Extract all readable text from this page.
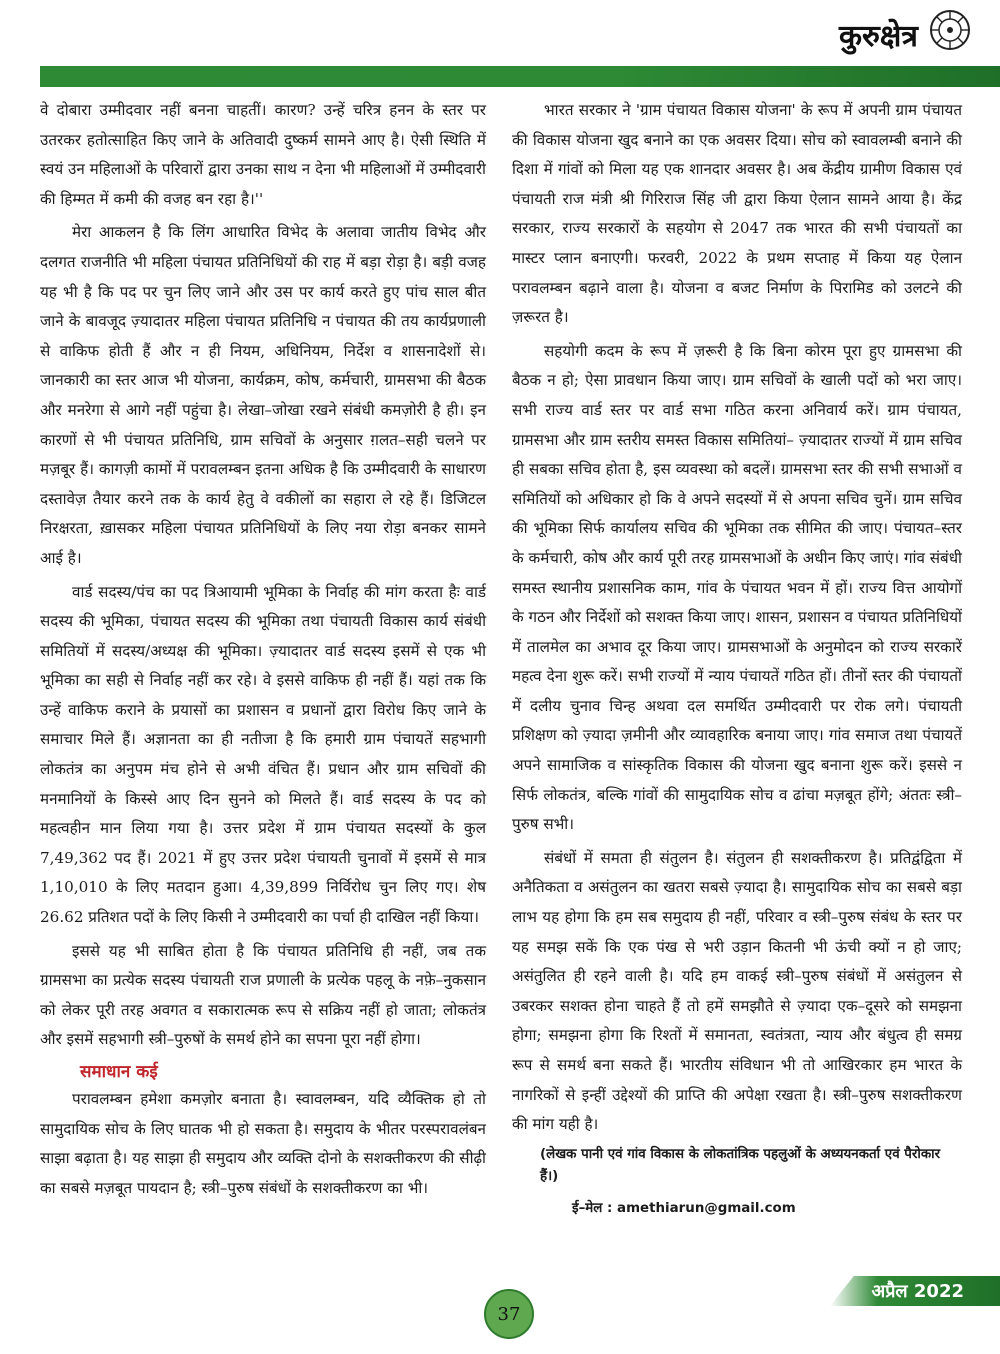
कुरुक्षेत्र

वे दोबारा उम्मीदवार नहीं बनना चाहतीं। कारण? उन्हें चरित्र हनन के स्तर पर उतरकर हतोत्साहित किए जाने के अतिवादी दुष्कर्म सामने आए है। ऐसी स्थिति में स्वयं उन महिलाओं के परिवारों द्वारा उनका साथ न देना भी महिलाओं में उम्मीदवारी की हिम्मत में कमी की वजह बन रहा है।''

मेरा आकलन है कि लिंग आधारित विभेद के अलावा जातीय विभेद और दलगत राजनीति भी महिला पंचायत प्रतिनिधियों की राह में बड़ा रोड़ा है। बड़ी वजह यह भी है कि पद पर चुन लिए जाने और उस पर कार्य करते हुए पांच साल बीत जाने के बावजूद ज़्यादातर महिला पंचायत प्रतिनिधि न पंचायत की तय कार्यप्रणाली से वाकिफ होती हैं और न ही नियम, अधिनियम, निर्देश व शासनादेशों से। जानकारी का स्तर आज भी योजना, कार्यक्रम, कोष, कर्मचारी, ग्रामसभा की बैठक और मनरेगा से आगे नहीं पहुंचा है। लेखा–जोखा रखने संबंधी कमज़ोरी है ही। इन कारणों से भी पंचायत प्रतिनिधि, ग्राम सचिवों के अनुसार ग़लत–सही चलने पर मज़बूर हैं। कागज़ी कामों में परावलम्बन इतना अधिक है कि उम्मीदवारी के साधारण दस्तावेज़ तैयार करने तक के कार्य हेतु वे वकीलों का सहारा ले रहे हैं। डिजिटल निरक्षरता, ख़ासकर महिला पंचायत प्रतिनिधियों के लिए नया रोड़ा बनकर सामने आई है।

वार्ड सदस्य/पंच का पद त्रिआयामी भूमिका के निर्वाह की मांग करता हैः वार्ड सदस्य की भूमिका, पंचायत सदस्य की भूमिका तथा पंचायती विकास कार्य संबंधी समितियों में सदस्य/अध्यक्ष की भूमिका। ज़्यादातर वार्ड सदस्य इसमें से एक भी भूमिका का सही से निर्वाह नहीं कर रहे। वे इससे वाकिफ ही नहीं हैं। यहां तक कि उन्हें वाकिफ कराने के प्रयासों का प्रशासन व प्रधानों द्वारा विरोध किए जाने के समाचार मिले हैं। अज्ञानता का ही नतीजा है कि हमारी ग्राम पंचायतें सहभागी लोकतंत्र का अनुपम मंच होने से अभी वंचित हैं। प्रधान और ग्राम सचिवों की मनमानियों के किस्से आए दिन सुनने को मिलते हैं। वार्ड सदस्य के पद को महत्वहीन मान लिया गया है। उत्तर प्रदेश में ग्राम पंचायत सदस्यों के कुल 7,49,362 पद हैं। 2021 में हुए उत्तर प्रदेश पंचायती चुनावों में इसमें से मात्र 1,10,010 के लिए मतदान हुआ। 4,39,899 निर्विरोध चुन लिए गए। शेष 26.62 प्रतिशत पदों के लिए किसी ने उम्मीदवारी का पर्चा ही दाखिल नहीं किया।

इससे यह भी साबित होता है कि पंचायत प्रतिनिधि ही नहीं, जब तक ग्रामसभा का प्रत्येक सदस्य पंचायती राज प्रणाली के प्रत्येक पहलू के नफ़े–नुकसान को लेकर पूरी तरह अवगत व सकारात्मक रूप से सक्रिय नहीं हो जाता; लोकतंत्र और इसमें सहभागी स्त्री–पुरुषों के समर्थ होने का सपना पूरा नहीं होगा।

समाधान कई

परावलम्बन हमेशा कमज़ोर बनाता है। स्वावलम्बन, यदि व्यैक्तिक हो तो सामुदायिक सोच के लिए घातक भी हो सकता है। समुदाय के भीतर परस्परावलंबन साझा बढ़ाता है। यह साझा ही समुदाय और व्यक्ति दोनो के सशक्तीकरण की सीढ़ी का सबसे मज़बूत पायदान है; स्त्री–पुरुष संबंधों के सशक्तीकरण का भी।

भारत सरकार ने 'ग्राम पंचायत विकास योजना' के रूप में अपनी ग्राम पंचायत की विकास योजना खुद बनाने का एक अवसर दिया। सोच को स्वावलम्बी बनाने की दिशा में गांवों को मिला यह एक शानदार अवसर है। अब केंद्रीय ग्रामीण विकास एवं पंचायती राज मंत्री श्री गिरिराज सिंह जी द्वारा किया ऐलान सामने आया है। केंद्र सरकार, राज्य सरकारों के सहयोग से 2047 तक भारत की सभी पंचायतों का मास्टर प्लान बनाएगी। फरवरी, 2022 के प्रथम सप्ताह में किया यह ऐलान परावलम्बन बढ़ाने वाला है। योजना व बजट निर्माण के पिरामिड को उलटने की ज़रूरत है।

सहयोगी कदम के रूप में ज़रूरी है कि बिना कोरम पूरा हुए ग्रामसभा की बैठक न हो; ऐसा प्रावधान किया जाए। ग्राम सचिवों के खाली पदों को भरा जाए। सभी राज्य वार्ड स्तर पर वार्ड सभा गठित करना अनिवार्य करें। ग्राम पंचायत, ग्रामसभा और ग्राम स्तरीय समस्त विकास समितियां– ज़्यादातर राज्यों में ग्राम सचिव ही सबका सचिव होता है, इस व्यवस्था को बदलें। ग्रामसभा स्तर की सभी सभाओं व समितियों को अधिकार हो कि वे अपने सदस्यों में से अपना सचिव चुनें। ग्राम सचिव की भूमिका सिर्फ कार्यालय सचिव की भूमिका तक सीमित की जाए। पंचायत–स्तर के कर्मचारी, कोष और कार्य पूरी तरह ग्रामसभाओं के अधीन किए जाएं। गांव संबंधी समस्त स्थानीय प्रशासनिक काम, गांव के पंचायत भवन में हों। राज्य वित्त आयोगों के गठन और निर्देशों को सशक्त किया जाए। शासन, प्रशासन व पंचायत प्रतिनिधियों में तालमेल का अभाव दूर किया जाए। ग्रामसभाओं के अनुमोदन को राज्य सरकारें महत्व देना शुरू करें। सभी राज्यों में न्याय पंचायतें गठित हों। तीनों स्तर की पंचायतों में दलीय चुनाव चिन्ह अथवा दल समर्थित उम्मीदवारी पर रोक लगे। पंचायती प्रशिक्षण को ज़्यादा ज़मीनी और व्यावहारिक बनाया जाए। गांव समाज तथा पंचायतें अपने सामाजिक व सांस्कृतिक विकास की योजना खुद बनाना शुरू करें। इससे न सिर्फ लोकतंत्र, बल्कि गांवों की सामुदायिक सोच व ढांचा मज़बूत होंगे; अंततः स्त्री–पुरुष सभी।

संबंधों में समता ही संतुलन है। संतुलन ही सशक्तीकरण है। प्रतिद्वंद्विता में अनैतिकता व असंतुलन का खतरा सबसे ज़्यादा है। सामुदायिक सोच का सबसे बड़ा लाभ यह होगा कि हम सब समुदाय ही नहीं, परिवार व स्त्री–पुरुष संबंध के स्तर पर यह समझ सकें कि एक पंख से भरी उड़ान कितनी भी ऊंची क्यों न हो जाए; असंतुलित ही रहने वाली है। यदि हम वाकई स्त्री–पुरुष संबंधों में असंतुलन से उबरकर सशक्त होना चाहते हैं तो हमें समझौते से ज़्यादा एक–दूसरे को समझना होगा; समझना होगा कि रिश्तों में समानता, स्वतंत्रता, न्याय और बंधुत्व ही समग्र रूप से समर्थ बना सकते हैं। भारतीय संविधान भी तो आखिरकार हम भारत के नागरिकों से इन्हीं उद्देश्यों की प्राप्ति की अपेक्षा रखता है। स्त्री–पुरुष सशक्तीकरण की मांग यही है।

(लेखक पानी एवं गांव विकास के लोकतांत्रिक पहलुओं के अध्ययनकर्ता एवं पैरोकार हैं।)
ई–मेल : amethiarun@gmail.com
37
अप्रैल 2022
